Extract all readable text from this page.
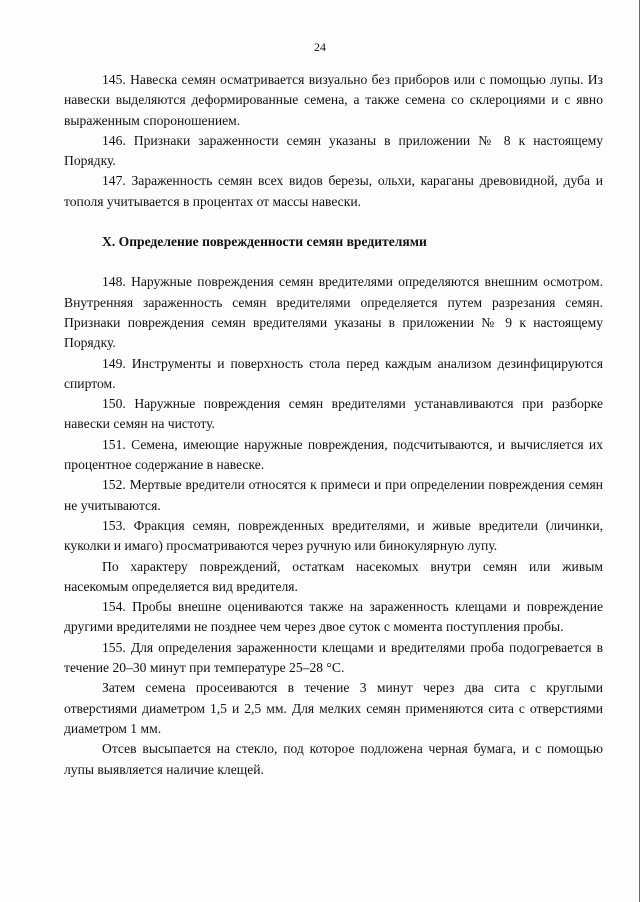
24

145. Навеска семян осматривается визуально без приборов или с помощью лупы. Из навески выделяются деформированные семена, а также семена со склероциями и с явно выраженным спороношением.

146. Признаки зараженности семян указаны в приложении № 8 к настоящему Порядку.

147. Зараженность семян всех видов березы, ольхи, караганы древовидной, дуба и тополя учитывается в процентах от массы навески.

X. Определение поврежденности семян вредителями

148. Наружные повреждения семян вредителями определяются внешним осмотром. Внутренняя зараженность семян вредителями определяется путем разрезания семян. Признаки повреждения семян вредителями указаны в приложении № 9 к настоящему Порядку.

149. Инструменты и поверхность стола перед каждым анализом дезинфицируются спиртом.

150. Наружные повреждения семян вредителями устанавливаются при разборке навески семян на чистоту.

151. Семена, имеющие наружные повреждения, подсчитываются, и вычисляется их процентное содержание в навеске.

152. Мертвые вредители относятся к примеси и при определении повреждения семян не учитываются.

153. Фракция семян, поврежденных вредителями, и живые вредители (личинки, куколки и имаго) просматриваются через ручную или бинокулярную лупу.

По характеру повреждений, остаткам насекомых внутри семян или живым насекомым определяется вид вредителя.

154. Пробы внешне оцениваются также на зараженность клещами и повреждение другими вредителями не позднее чем через двое суток с момента поступления пробы.

155. Для определения зараженности клещами и вредителями проба подогревается в течение 20–30 минут при температуре 25–28 °С.

Затем семена просеиваются в течение 3 минут через два сита с круглыми отверстиями диаметром 1,5 и 2,5 мм. Для мелких семян применяются сита с отверстиями диаметром 1 мм.

Отсев высыпается на стекло, под которое подложена черная бумага, и с помощью лупы выявляется наличие клещей.
